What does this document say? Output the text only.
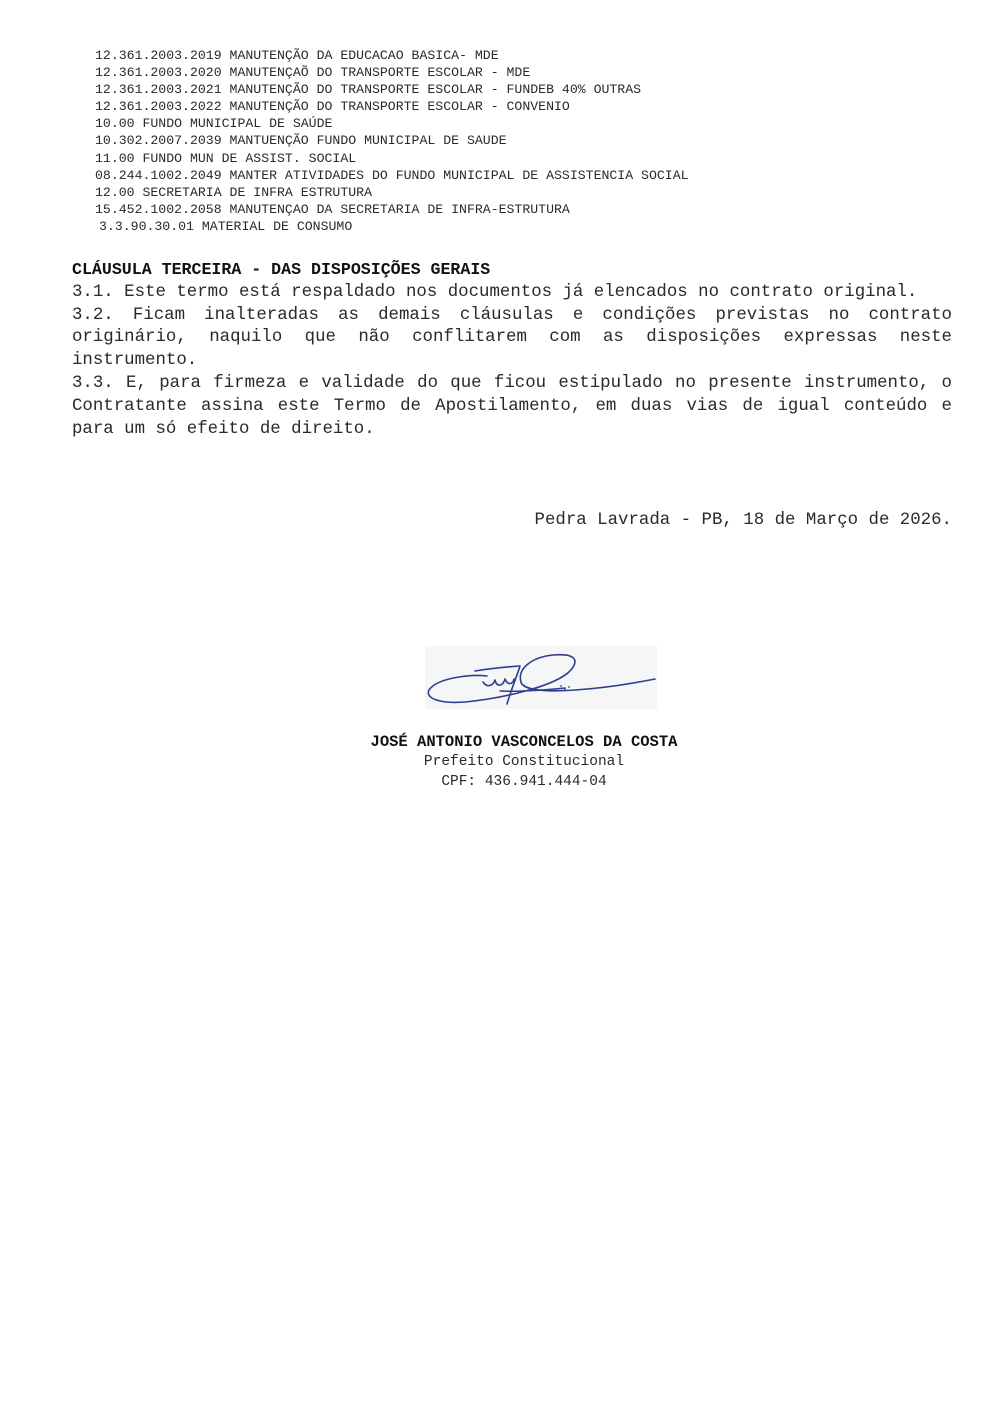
12.361.2003.2019 MANUTENÇÃO DA EDUCACAO BASICA- MDE
12.361.2003.2020 MANUTENÇAÕ DO TRANSPORTE ESCOLAR - MDE
12.361.2003.2021 MANUTENÇÃO DO TRANSPORTE ESCOLAR - FUNDEB 40% OUTRAS
12.361.2003.2022 MANUTENÇÃO DO TRANSPORTE ESCOLAR - CONVENIO
10.00 FUNDO MUNICIPAL DE SAÚDE
10.302.2007.2039 MANTUENÇÃO FUNDO MUNICIPAL DE SAUDE
11.00 FUNDO MUN DE ASSIST. SOCIAL
08.244.1002.2049 MANTER ATIVIDADES DO FUNDO MUNICIPAL DE ASSISTENCIA SOCIAL
12.00 SECRETARIA DE INFRA ESTRUTURA
15.452.1002.2058 MANUTENÇAO DA SECRETARIA DE INFRA-ESTRUTURA
3.3.90.30.01 MATERIAL DE CONSUMO

CLÁUSULA TERCEIRA - DAS DISPOSIÇÕES GERAIS

3.1. Este termo está respaldado nos documentos já elencados no contrato original.

3.2. Ficam inalteradas as demais cláusulas e condições previstas no contrato originário, naquilo que não conflitarem com as disposições expressas neste instrumento.

3.3. E, para firmeza e validade do que ficou estipulado no presente instrumento, o Contratante assina este Termo de Apostilamento, em duas vias de igual conteúdo e para um só efeito de direito.

Pedra Lavrada - PB, 18 de Março de 2026.

JOSÉ ANTONIO VASCONCELOS DA COSTA

Prefeito Constitucional

CPF: 436.941.444-04
